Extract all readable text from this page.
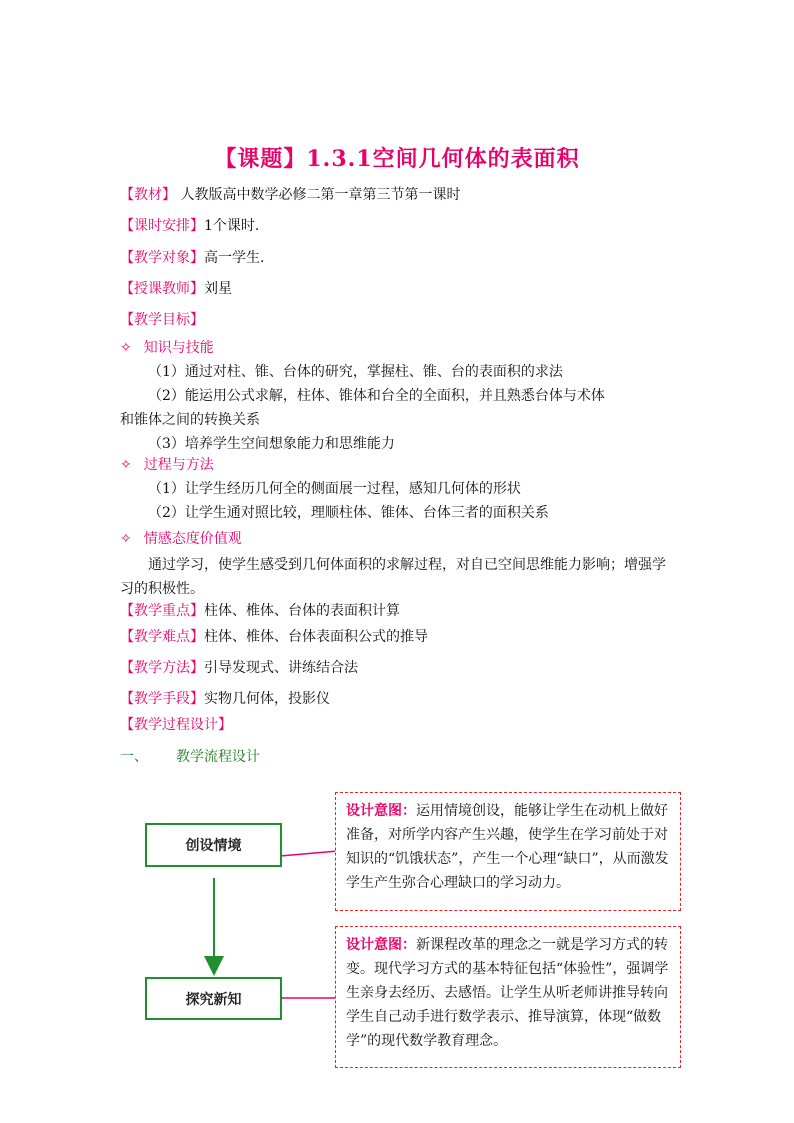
【课题】1.3.1空间几何体的表面积
【教材】 人教版高中数学必修二第一章第三节第一课时
【课时安排】1个课时.
【教学对象】高一学生.
【授课教师】刘星
【教学目标】
✧ 知识与技能
（1）通过对柱、锥、台体的研究，掌握柱、锥、台的表面积的求法
（2）能运用公式求解，柱体、锥体和台全的全面积，并且熟悉台体与术体
和锥体之间的转换关系
（3）培养学生空间想象能力和思维能力
✧ 过程与方法
（1）让学生经历几何全的侧面展一过程，感知几何体的形状
（2）让学生通对照比较，理顺柱体、锥体、台体三者的面积关系
✧ 情感态度价值观
通过学习，使学生感受到几何体面积的求解过程，对自已空间思维能力影响；增强学习的积极性。
【教学重点】柱体、椎体、台体的表面积计算
【教学难点】柱体、椎体、台体表面积公式的推导
【教学方法】引导发现式、讲练结合法
【教学手段】实物几何体，投影仪
【教学过程设计】
一、 教学流程设计
创设情境
探究新知
设计意图：运用情境创设，能够让学生在动机上做好准备，对所学内容产生兴趣，使学生在学习前处于对知识的“饥饿状态”，产生一个心理“缺口”，从而激发学生产生弥合心理缺口的学习动力。
设计意图：新课程改革的理念之一就是学习方式的转变。现代学习方式的基本特征包括“体验性”，强调学生亲身去经历、去感悟。让学生从听老师讲推导转向学生自己动手进行数学表示、推导演算，体现“做数学”的现代数学教育理念。
